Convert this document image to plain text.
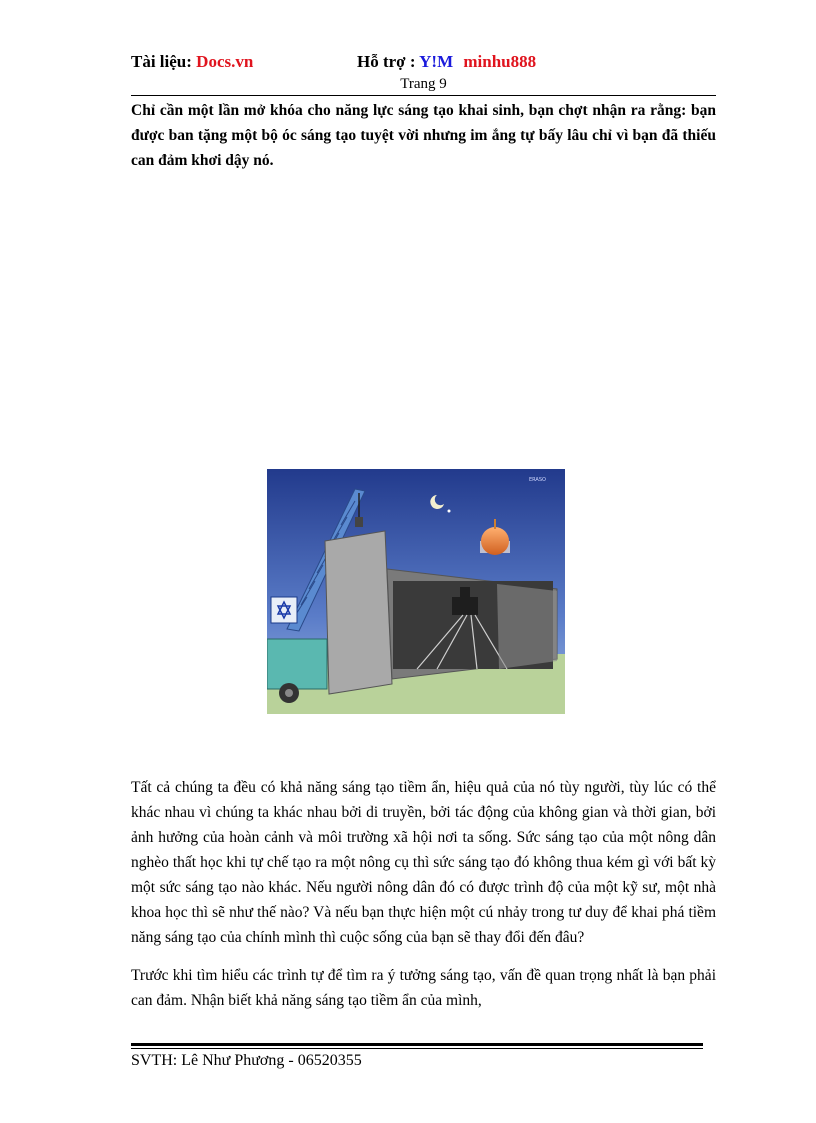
Tài liệu: Docs.vn	Hỗ trợ : Y!M minhu888
Trang 9
Chỉ cần một lần mở khóa cho năng lực sáng tạo khai sinh, bạn chợt nhận ra rằng: bạn được ban tặng một bộ óc sáng tạo tuyệt vời nhưng im ắng tự bấy lâu chỉ vì bạn đã thiếu can đảm khơi dậy nó.
ERASO
Tất cả chúng ta đều có khả năng sáng tạo tiềm ẩn, hiệu quả của nó tùy người, tùy lúc có thể khác nhau vì chúng ta khác nhau bởi di truyền, bởi tác động của không gian và thời gian, bởi ảnh hưởng của hoàn cảnh và môi trường xã hội nơi ta sống. Sức sáng tạo của một nông dân nghèo thất học khi tự chế tạo ra một nông cụ thì sức sáng tạo đó không thua kém gì với bất kỳ một sức sáng tạo nào khác. Nếu người nông dân đó có được trình độ của một kỹ sư, một nhà khoa học thì sẽ như thế nào? Và nếu bạn thực hiện một cú nhảy trong tư duy để khai phá tiềm năng sáng tạo của chính mình thì cuộc sống của bạn sẽ thay đổi đến đâu?
Trước khi tìm hiểu các trình tự để tìm ra ý tưởng sáng tạo, vấn đề quan trọng nhất là bạn phải can đảm. Nhận biết khả năng sáng tạo tiềm ẩn của mình,
SVTH: Lê Như Phương - 06520355
